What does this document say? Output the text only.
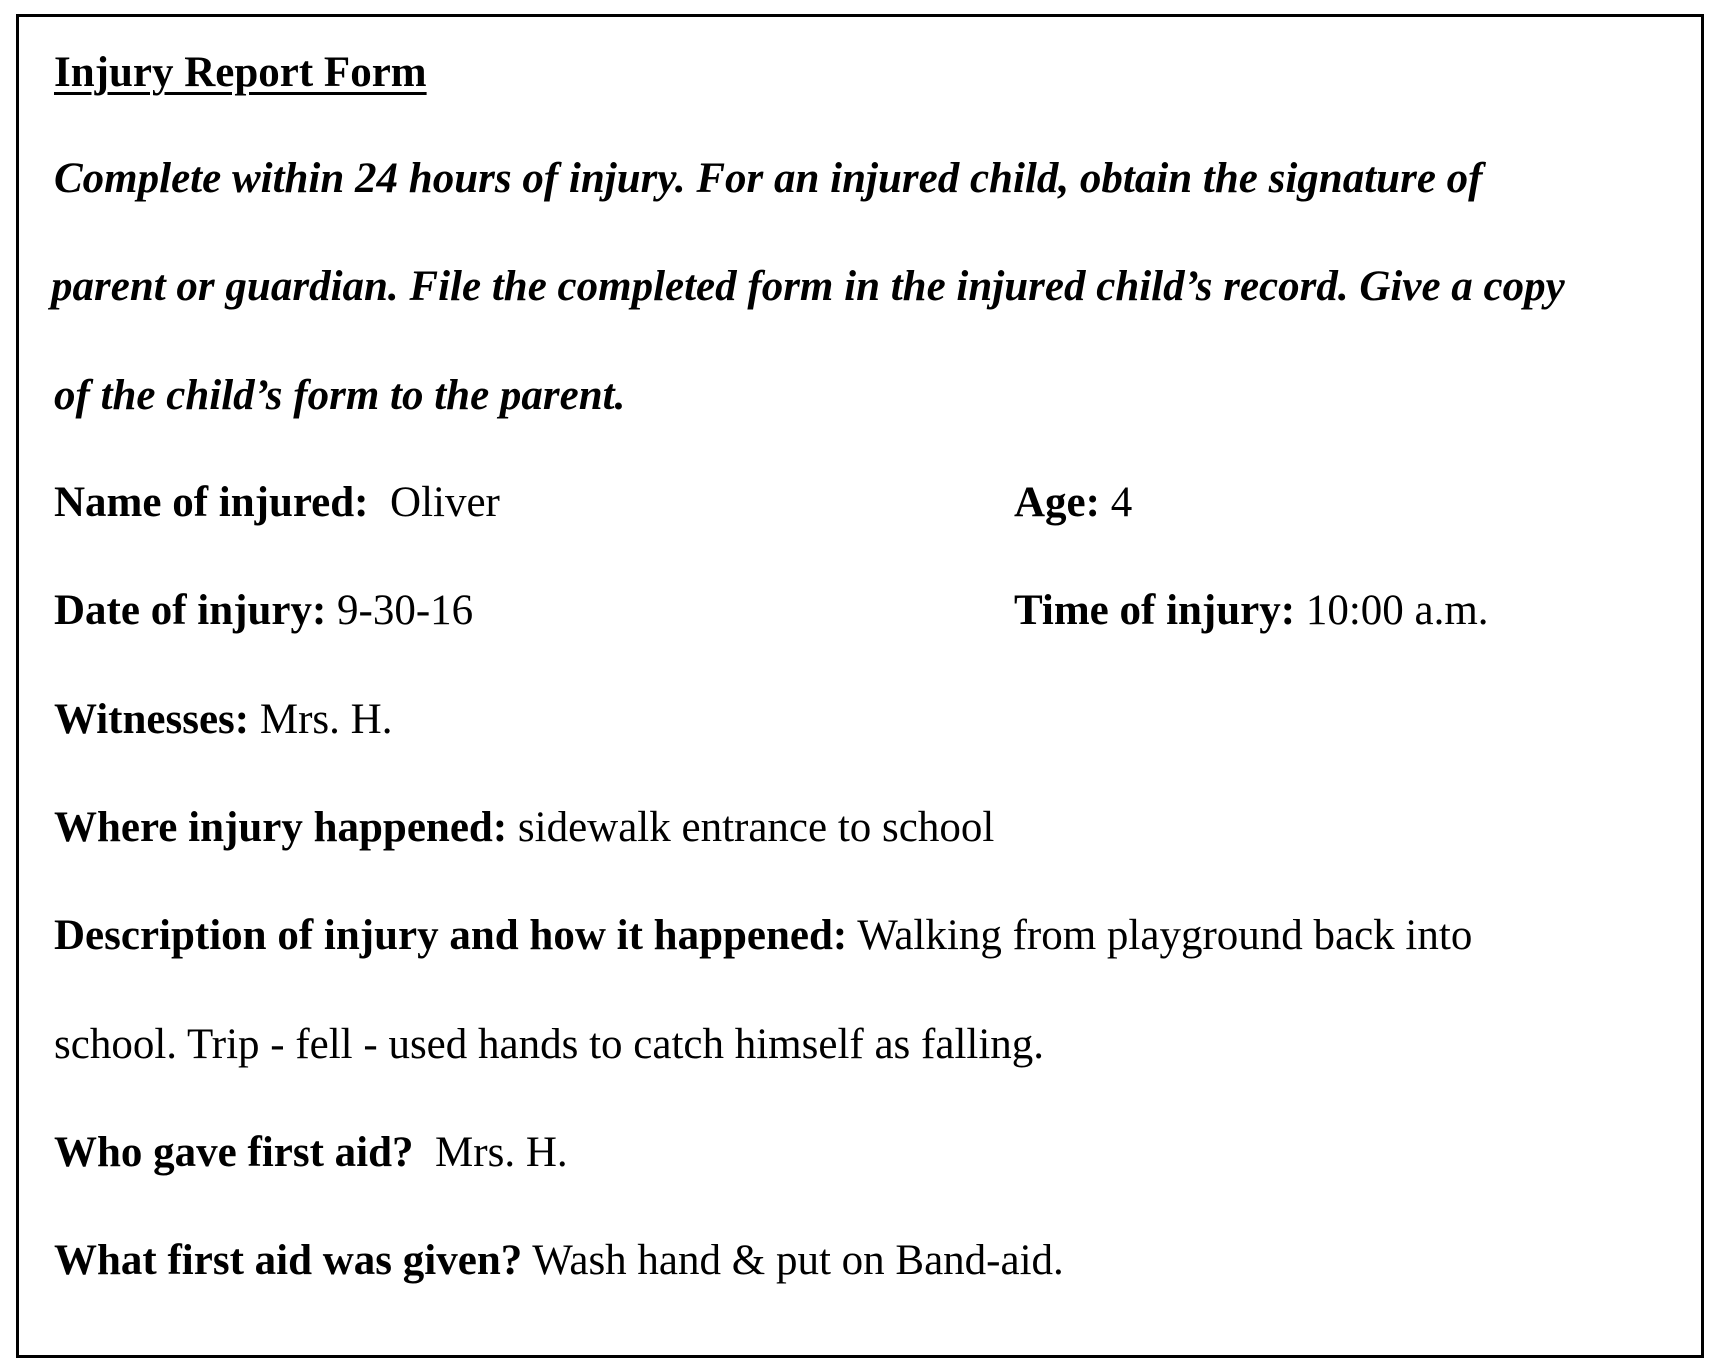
Injury Report Form
Complete within 24 hours of injury. For an injured child, obtain the signature of
parent or guardian. File the completed form in the injured child’s record. Give a copy
of the child’s form to the parent.
Name of injured: Oliver	Age: 4
Date of injury: 9-30-16	Time of injury: 10:00 a.m.
Witnesses: Mrs. H.
Where injury happened: sidewalk entrance to school
Description of injury and how it happened: Walking from playground back into
school. Trip - fell - used hands to catch himself as falling.
Who gave first aid? Mrs. H.
What first aid was given? Wash hand & put on Band-aid.
